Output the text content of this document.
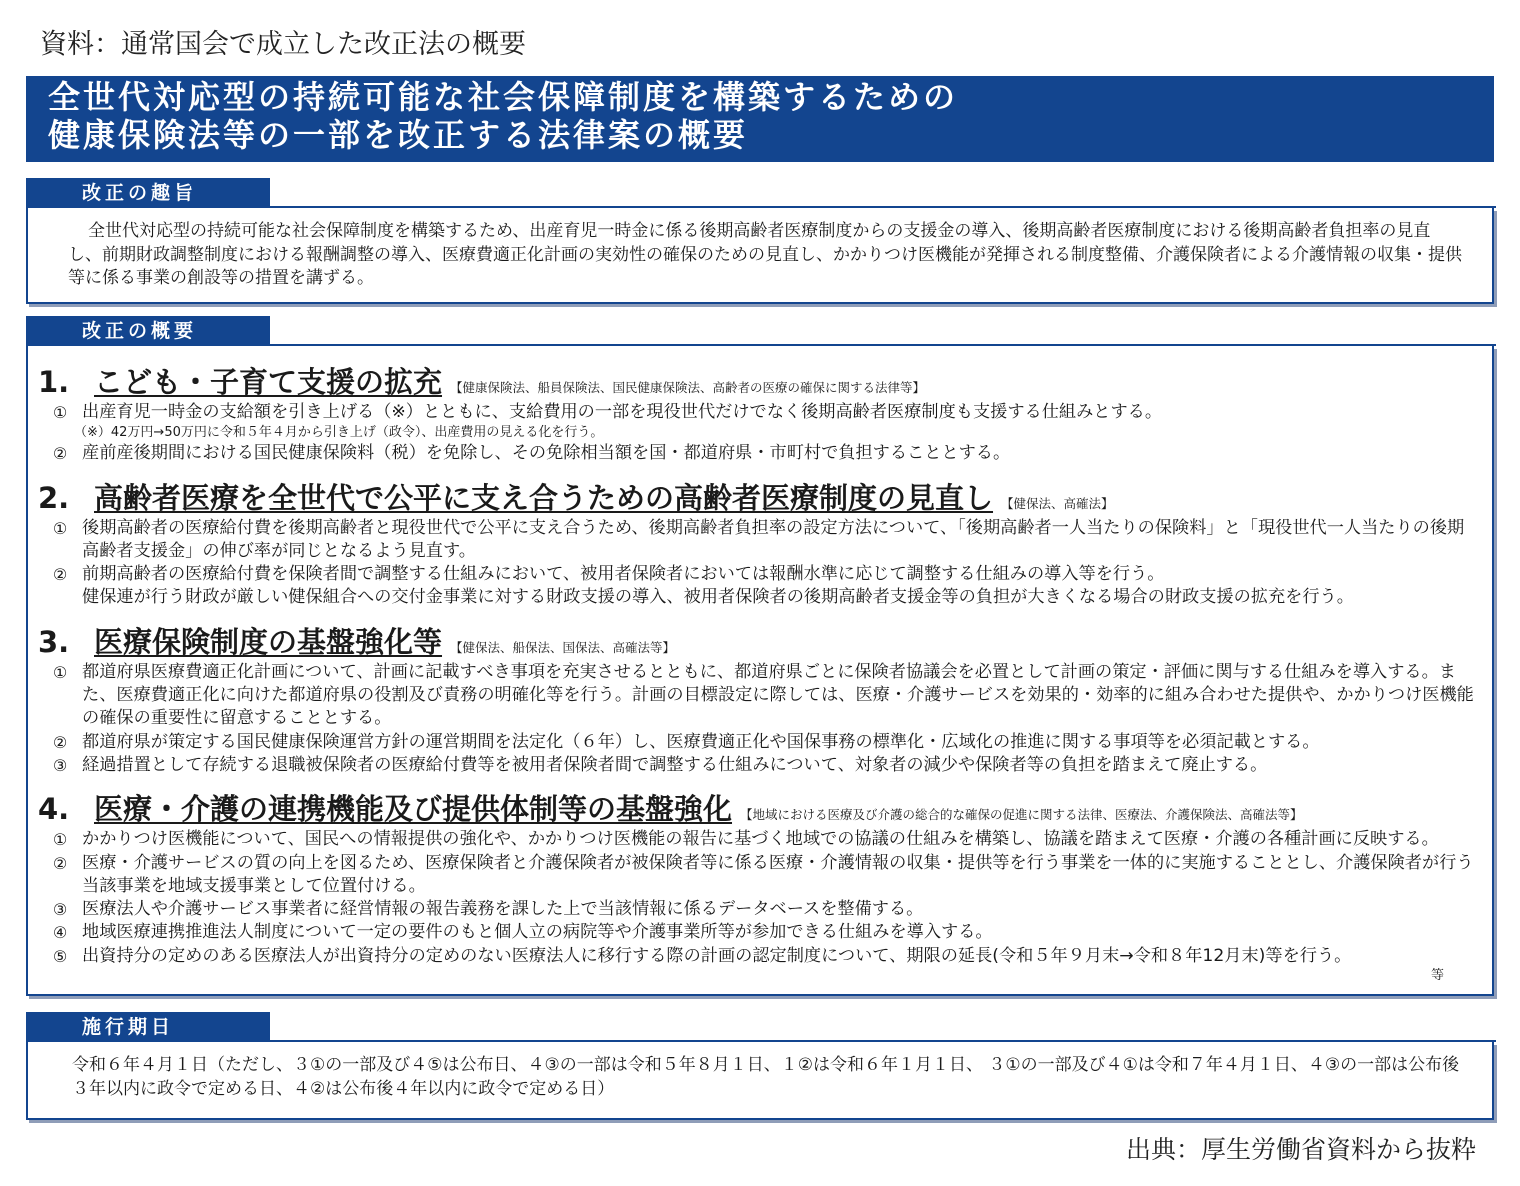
資料：通常国会で成立した改正法の概要
全世代対応型の持続可能な社会保障制度を構築するための
健康保険法等の一部を改正する法律案の概要
改正の趣旨

全世代対応型の持続可能な社会保障制度を構築するため、出産育児一時金に係る後期高齢者医療制度からの支援金の導入、後期高齢者医療制度における後期高齢者負担率の見直し、前期財政調整制度における報酬調整の導入、医療費適正化計画の実効性の確保のための見直し、かかりつけ医機能が発揮される制度整備、介護保険者による介護情報の収集・提供等に係る事業の創設等の措置を講ずる。

改正の概要
1. こども・子育て支援の拡充 【健康保険法、船員保険法、国民健康保険法、高齢者の医療の確保に関する法律等】
① 出産育児一時金の支給額を引き上げる（※）とともに、支給費用の一部を現役世代だけでなく後期高齢者医療制度も支援する仕組みとする。
（※）42万円→50万円に令和５年４月から引き上げ（政令）、出産費用の見える化を行う。
② 産前産後期間における国民健康保険料（税）を免除し、その免除相当額を国・都道府県・市町村で負担することとする。
2. 高齢者医療を全世代で公平に支え合うための高齢者医療制度の見直し 【健保法、高確法】
① 後期高齢者の医療給付費を後期高齢者と現役世代で公平に支え合うため、後期高齢者負担率の設定方法について、「後期高齢者一人当たりの保険料」と「現役世代一人当たりの後期高齢者支援金」の伸び率が同じとなるよう見直す。
② 前期高齢者の医療給付費を保険者間で調整する仕組みにおいて、被用者保険者においては報酬水準に応じて調整する仕組みの導入等を行う。
健保連が行う財政が厳しい健保組合への交付金事業に対する財政支援の導入、被用者保険者の後期高齢者支援金等の負担が大きくなる場合の財政支援の拡充を行う。
3. 医療保険制度の基盤強化等 【健保法、船保法、国保法、高確法等】
① 都道府県医療費適正化計画について、計画に記載すべき事項を充実させるとともに、都道府県ごとに保険者協議会を必置として計画の策定・評価に関与する仕組みを導入する。また、医療費適正化に向けた都道府県の役割及び責務の明確化等を行う。計画の目標設定に際しては、医療・介護サービスを効果的・効率的に組み合わせた提供や、かかりつけ医機能の確保の重要性に留意することとする。
② 都道府県が策定する国民健康保険運営方針の運営期間を法定化（６年）し、医療費適正化や国保事務の標準化・広域化の推進に関する事項等を必須記載とする。
③ 経過措置として存続する退職被保険者の医療給付費等を被用者保険者間で調整する仕組みについて、対象者の減少や保険者等の負担を踏まえて廃止する。
4. 医療・介護の連携機能及び提供体制等の基盤強化 【地域における医療及び介護の総合的な確保の促進に関する法律、医療法、介護保険法、高確法等】
① かかりつけ医機能について、国民への情報提供の強化や、かかりつけ医機能の報告に基づく地域での協議の仕組みを構築し、協議を踏まえて医療・介護の各種計画に反映する。
② 医療・介護サービスの質の向上を図るため、医療保険者と介護保険者が被保険者等に係る医療・介護情報の収集・提供等を行う事業を一体的に実施することとし、介護保険者が行う当該事業を地域支援事業として位置付ける。
③ 医療法人や介護サービス事業者に経営情報の報告義務を課した上で当該情報に係るデータベースを整備する。
④ 地域医療連携推進法人制度について一定の要件のもと個人立の病院等や介護事業所等が参加できる仕組みを導入する。
⑤ 出資持分の定めのある医療法人が出資持分の定めのない医療法人に移行する際の計画の認定制度について、期限の延長(令和５年９月末→令和８年12月末)等を行う。
等
施行期日
令和６年４月１日（ただし、３①の一部及び４⑤は公布日、４③の一部は令和５年８月１日、１②は令和６年１月１日、 ３①の一部及び４①は令和７年４月１日、４③の一部は公布後３年以内に政令で定める日、４②は公布後４年以内に政令で定める日）
出典：厚生労働省資料から抜粋
